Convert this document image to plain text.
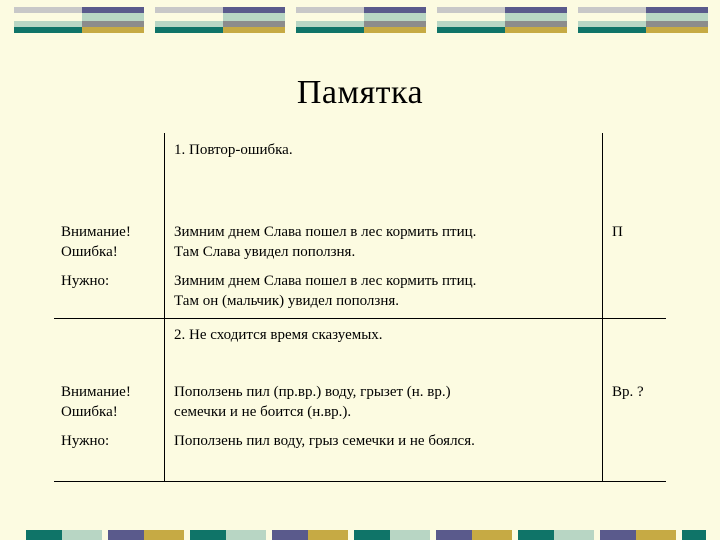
Памятка
1. Повтор-ошибка.
Внимание!
Ошибка!
Зимним днем Слава пошел в лес кормить птиц.
Там Слава увидел поползня.
П
Нужно:	Зимним днем Слава пошел в лес кормить птиц.
Там он (мальчик) увидел поползня.
2. Не сходится время сказуемых.
Внимание!
Ошибка!
Поползень пил (пр.вр.) воду, грызет (н. вр.)
семечки и не боится (н.вр.).
Вр. ?
Нужно:	Поползень пил воду, грыз семечки и не боялся.
